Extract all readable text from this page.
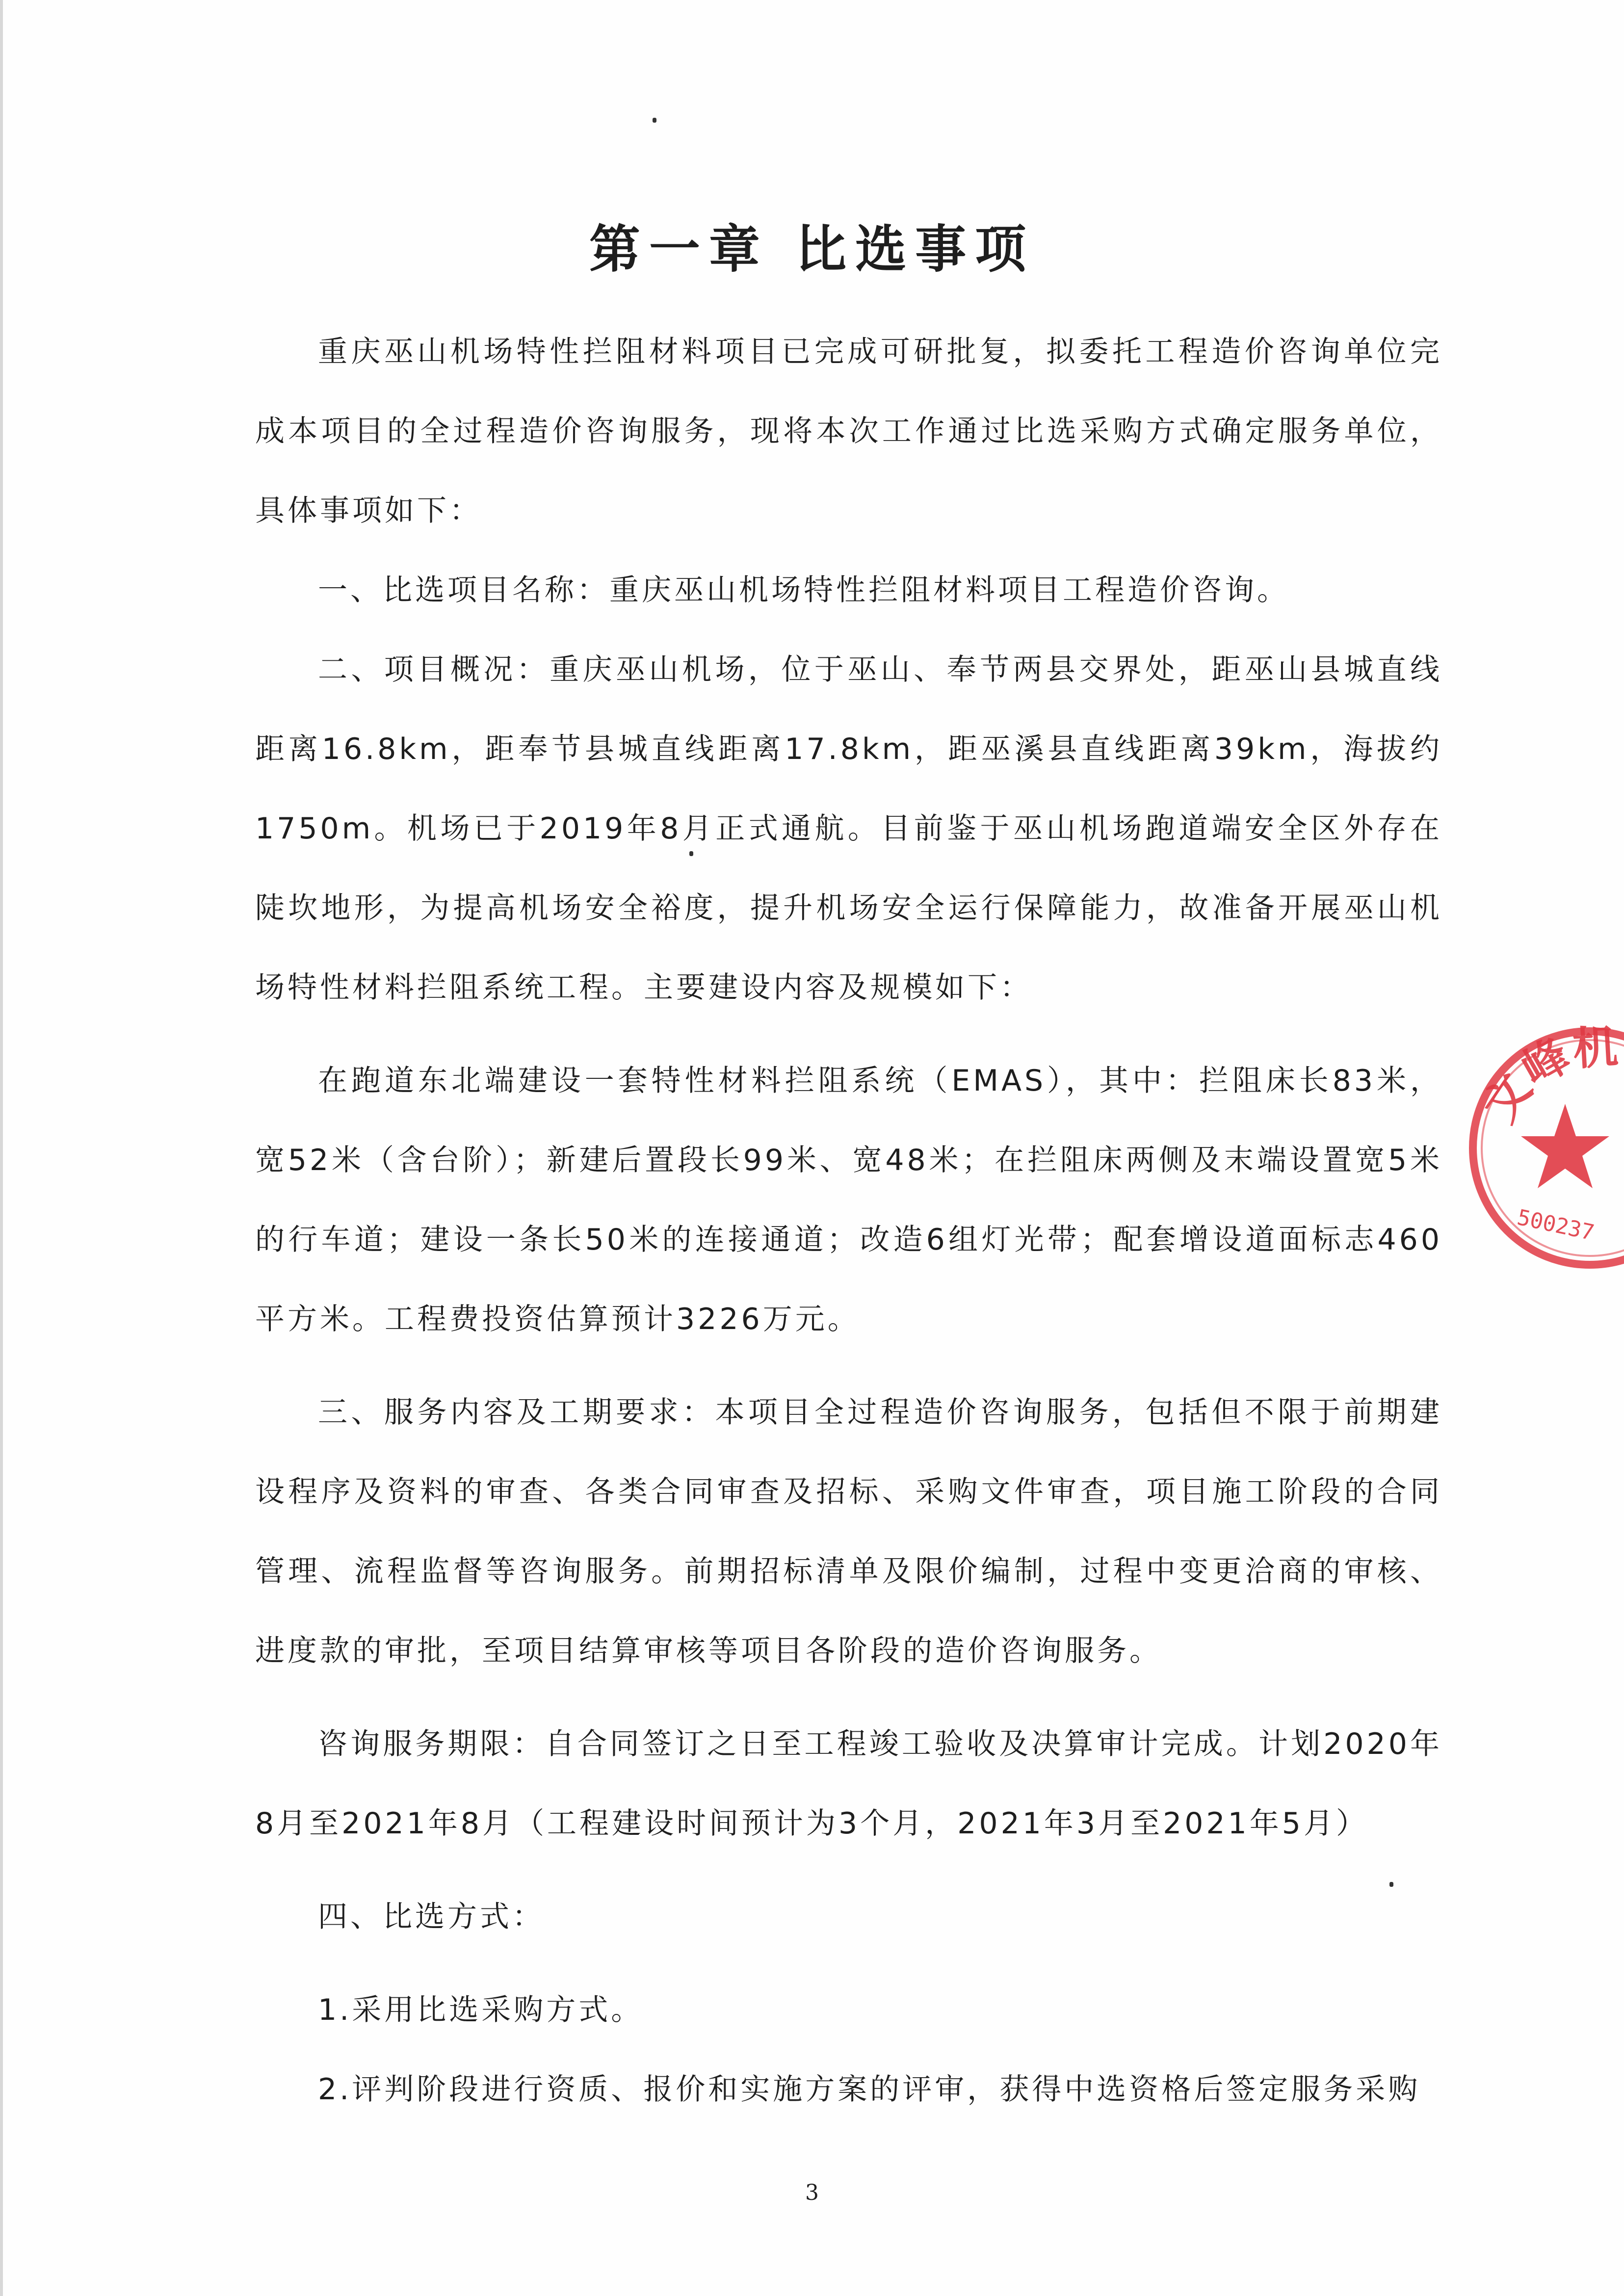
第一章 比选事项

重庆巫山机场特性拦阻材料项目已完成可研批复，拟委托工程造价咨询单位完成本项目的全过程造价咨询服务，现将本次工作通过比选采购方式确定服务单位，具体事项如下：

一、比选项目名称：重庆巫山机场特性拦阻材料项目工程造价咨询。

二、项目概况：重庆巫山机场，位于巫山、奉节两县交界处，距巫山县城直线距离16.8km，距奉节县城直线距离17.8km，距巫溪县直线距离39km，海拔约1750m。机场已于2019年8月正式通航。目前鉴于巫山机场跑道端安全区外存在陡坎地形，为提高机场安全裕度，提升机场安全运行保障能力，故准备开展巫山机场特性材料拦阻系统工程。主要建设内容及规模如下：

在跑道东北端建设一套特性材料拦阻系统（EMAS），其中：拦阻床长83米，宽52米（含台阶）；新建后置段长99米、宽48米；在拦阻床两侧及末端设置宽5米的行车道；建设一条长50米的连接通道；改造6组灯光带；配套增设道面标志460平方米。工程费投资估算预计3226万元。

三、服务内容及工期要求：本项目全过程造价咨询服务，包括但不限于前期建设程序及资料的审查、各类合同审查及招标、采购文件审查，项目施工阶段的合同管理、流程监督等咨询服务。前期招标清单及限价编制，过程中变更洽商的审核、进度款的审批，至项目结算审核等项目各阶段的造价咨询服务。

咨询服务期限：自合同签订之日至工程竣工验收及决算审计完成。计划2020年8月至2021年8月（工程建设时间预计为3个月，2021年3月至2021年5月）

四、比选方式：

1.采用比选采购方式。

2.评判阶段进行资质、报价和实施方案的评审，获得中选资格后签定服务采购

文峰机
500237
3
